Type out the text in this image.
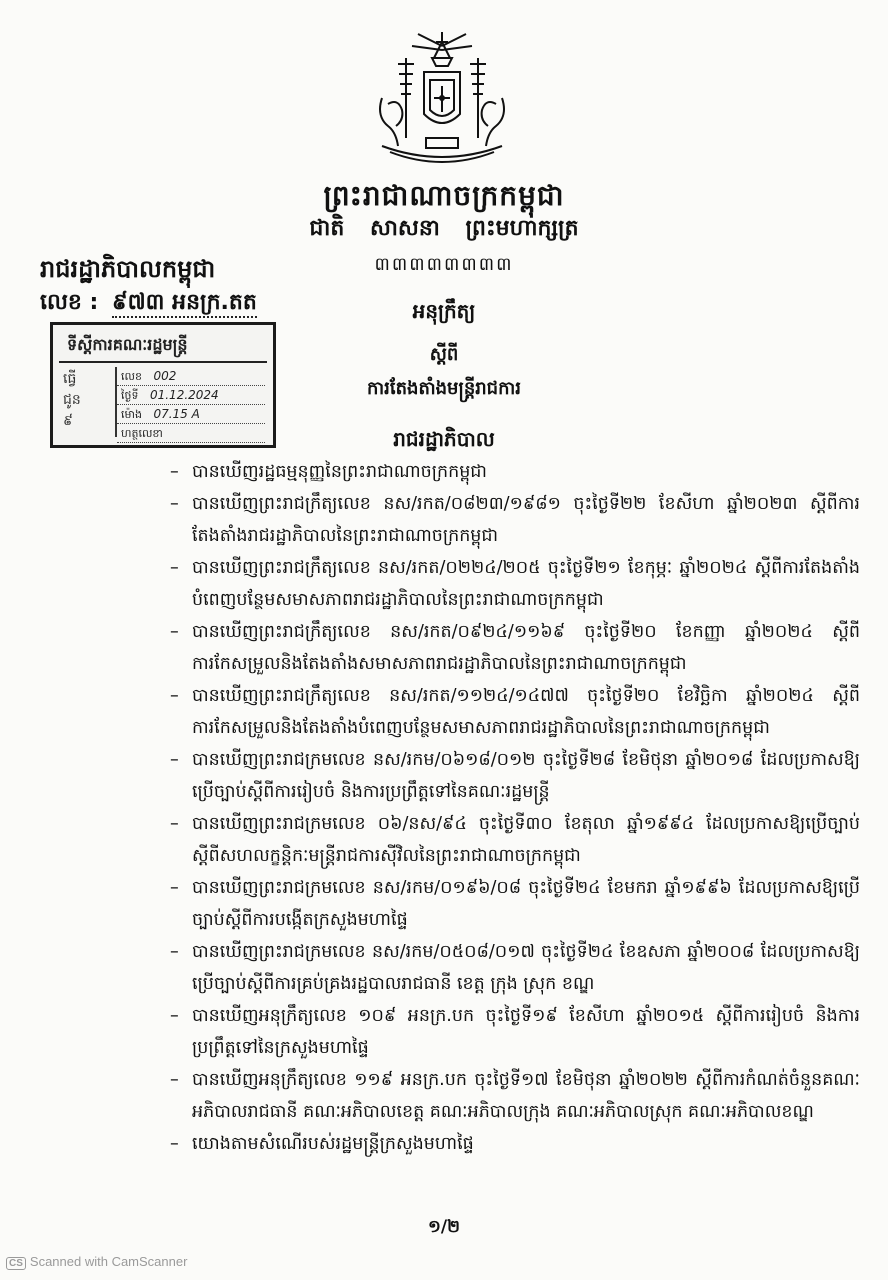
ព្រះរាជាណាចក្រកម្ពុជា
ជាតិ សាសនា ព្រះមហាក្សត្រ
៣៣៣៣៣៣៣៣
រាជរដ្ឋាភិបាលកម្ពុជា
លេខ : ៩៧៣ អនក្រ.តត
ទីស្តីការគណៈរដ្ឋមន្ត្រី
ធ្វើ
ជូន
៩
លេខ 002
ថ្ងៃទី 01.12.2024
ម៉ោង 07.15 A
ហត្ថលេខា
អនុក្រឹត្យ
ស្តីពី
ការតែងតាំងមន្ត្រីរាជការ
រាជរដ្ឋាភិបាល
– បានឃើញរដ្ឋធម្មនុញ្ញនៃព្រះរាជាណាចក្រកម្ពុជា
– បានឃើញព្រះរាជក្រឹត្យលេខ នស/រកត/០៨២៣/១៩៨១ ចុះថ្ងៃទី២២ ខែសីហា ឆ្នាំ២០២៣ ស្តីពីការតែងតាំងរាជរដ្ឋាភិបាលនៃព្រះរាជាណាចក្រកម្ពុជា
– បានឃើញព្រះរាជក្រឹត្យលេខ នស/រកត/០២២៤/២០៥ ចុះថ្ងៃទី២១ ខែកុម្ភៈ ឆ្នាំ២០២៤ ស្តីពីការតែងតាំងបំពេញបន្ថែមសមាសភាពរាជរដ្ឋាភិបាលនៃព្រះរាជាណាចក្រកម្ពុជា
– បានឃើញព្រះរាជក្រឹត្យលេខ នស/រកត/០៩២៤/១១៦៩ ចុះថ្ងៃទី២០ ខែកញ្ញា ឆ្នាំ២០២៤ ស្តីពីការកែសម្រួលនិងតែងតាំងសមាសភាពរាជរដ្ឋាភិបាលនៃព្រះរាជាណាចក្រកម្ពុជា
– បានឃើញព្រះរាជក្រឹត្យលេខ នស/រកត/១១២៤/១៤៧៧ ចុះថ្ងៃទី២០ ខែវិច្ឆិកា ឆ្នាំ២០២៤ ស្តីពីការកែសម្រួលនិងតែងតាំងបំពេញបន្ថែមសមាសភាពរាជរដ្ឋាភិបាលនៃព្រះរាជាណាចក្រកម្ពុជា
– បានឃើញព្រះរាជក្រមលេខ នស/រកម/០៦១៨/០១២ ចុះថ្ងៃទី២៨ ខែមិថុនា ឆ្នាំ២០១៨ ដែលប្រកាសឱ្យប្រើច្បាប់ស្តីពីការរៀបចំ និងការប្រព្រឹត្តទៅនៃគណៈរដ្ឋមន្ត្រី
– បានឃើញព្រះរាជក្រមលេខ ០៦/នស/៩៤ ចុះថ្ងៃទី៣០ ខែតុលា ឆ្នាំ១៩៩៤ ដែលប្រកាសឱ្យប្រើច្បាប់ស្តីពីសហលក្ខន្តិកៈមន្ត្រីរាជការស៊ីវិលនៃព្រះរាជាណាចក្រកម្ពុជា
– បានឃើញព្រះរាជក្រមលេខ នស/រកម/០១៩៦/០៨ ចុះថ្ងៃទី២៤ ខែមករា ឆ្នាំ១៩៩៦ ដែលប្រកាសឱ្យប្រើច្បាប់ស្តីពីការបង្កើតក្រសួងមហាផ្ទៃ
– បានឃើញព្រះរាជក្រមលេខ នស/រកម/០៥០៨/០១៧ ចុះថ្ងៃទី២៤ ខែឧសភា ឆ្នាំ២០០៨ ដែលប្រកាសឱ្យប្រើច្បាប់ស្តីពីការគ្រប់គ្រងរដ្ឋបាលរាជធានី ខេត្ត ក្រុង ស្រុក ខណ្ឌ
– បានឃើញអនុក្រឹត្យលេខ ១០៩ អនក្រ.បក ចុះថ្ងៃទី១៩ ខែសីហា ឆ្នាំ២០១៥ ស្តីពីការរៀបចំ និងការប្រព្រឹត្តទៅនៃក្រសួងមហាផ្ទៃ
– បានឃើញអនុក្រឹត្យលេខ ១១៩ អនក្រ.បក ចុះថ្ងៃទី១៧ ខែមិថុនា ឆ្នាំ២០២២ ស្តីពីការកំណត់ចំនួនគណៈអភិបាលរាជធានី គណៈអភិបាលខេត្ត គណៈអភិបាលក្រុង គណៈអភិបាលស្រុក គណៈអភិបាលខណ្ឌ
– យោងតាមសំណើរបស់រដ្ឋមន្ត្រីក្រសួងមហាផ្ទៃ
១/២
CS Scanned with CamScanner
